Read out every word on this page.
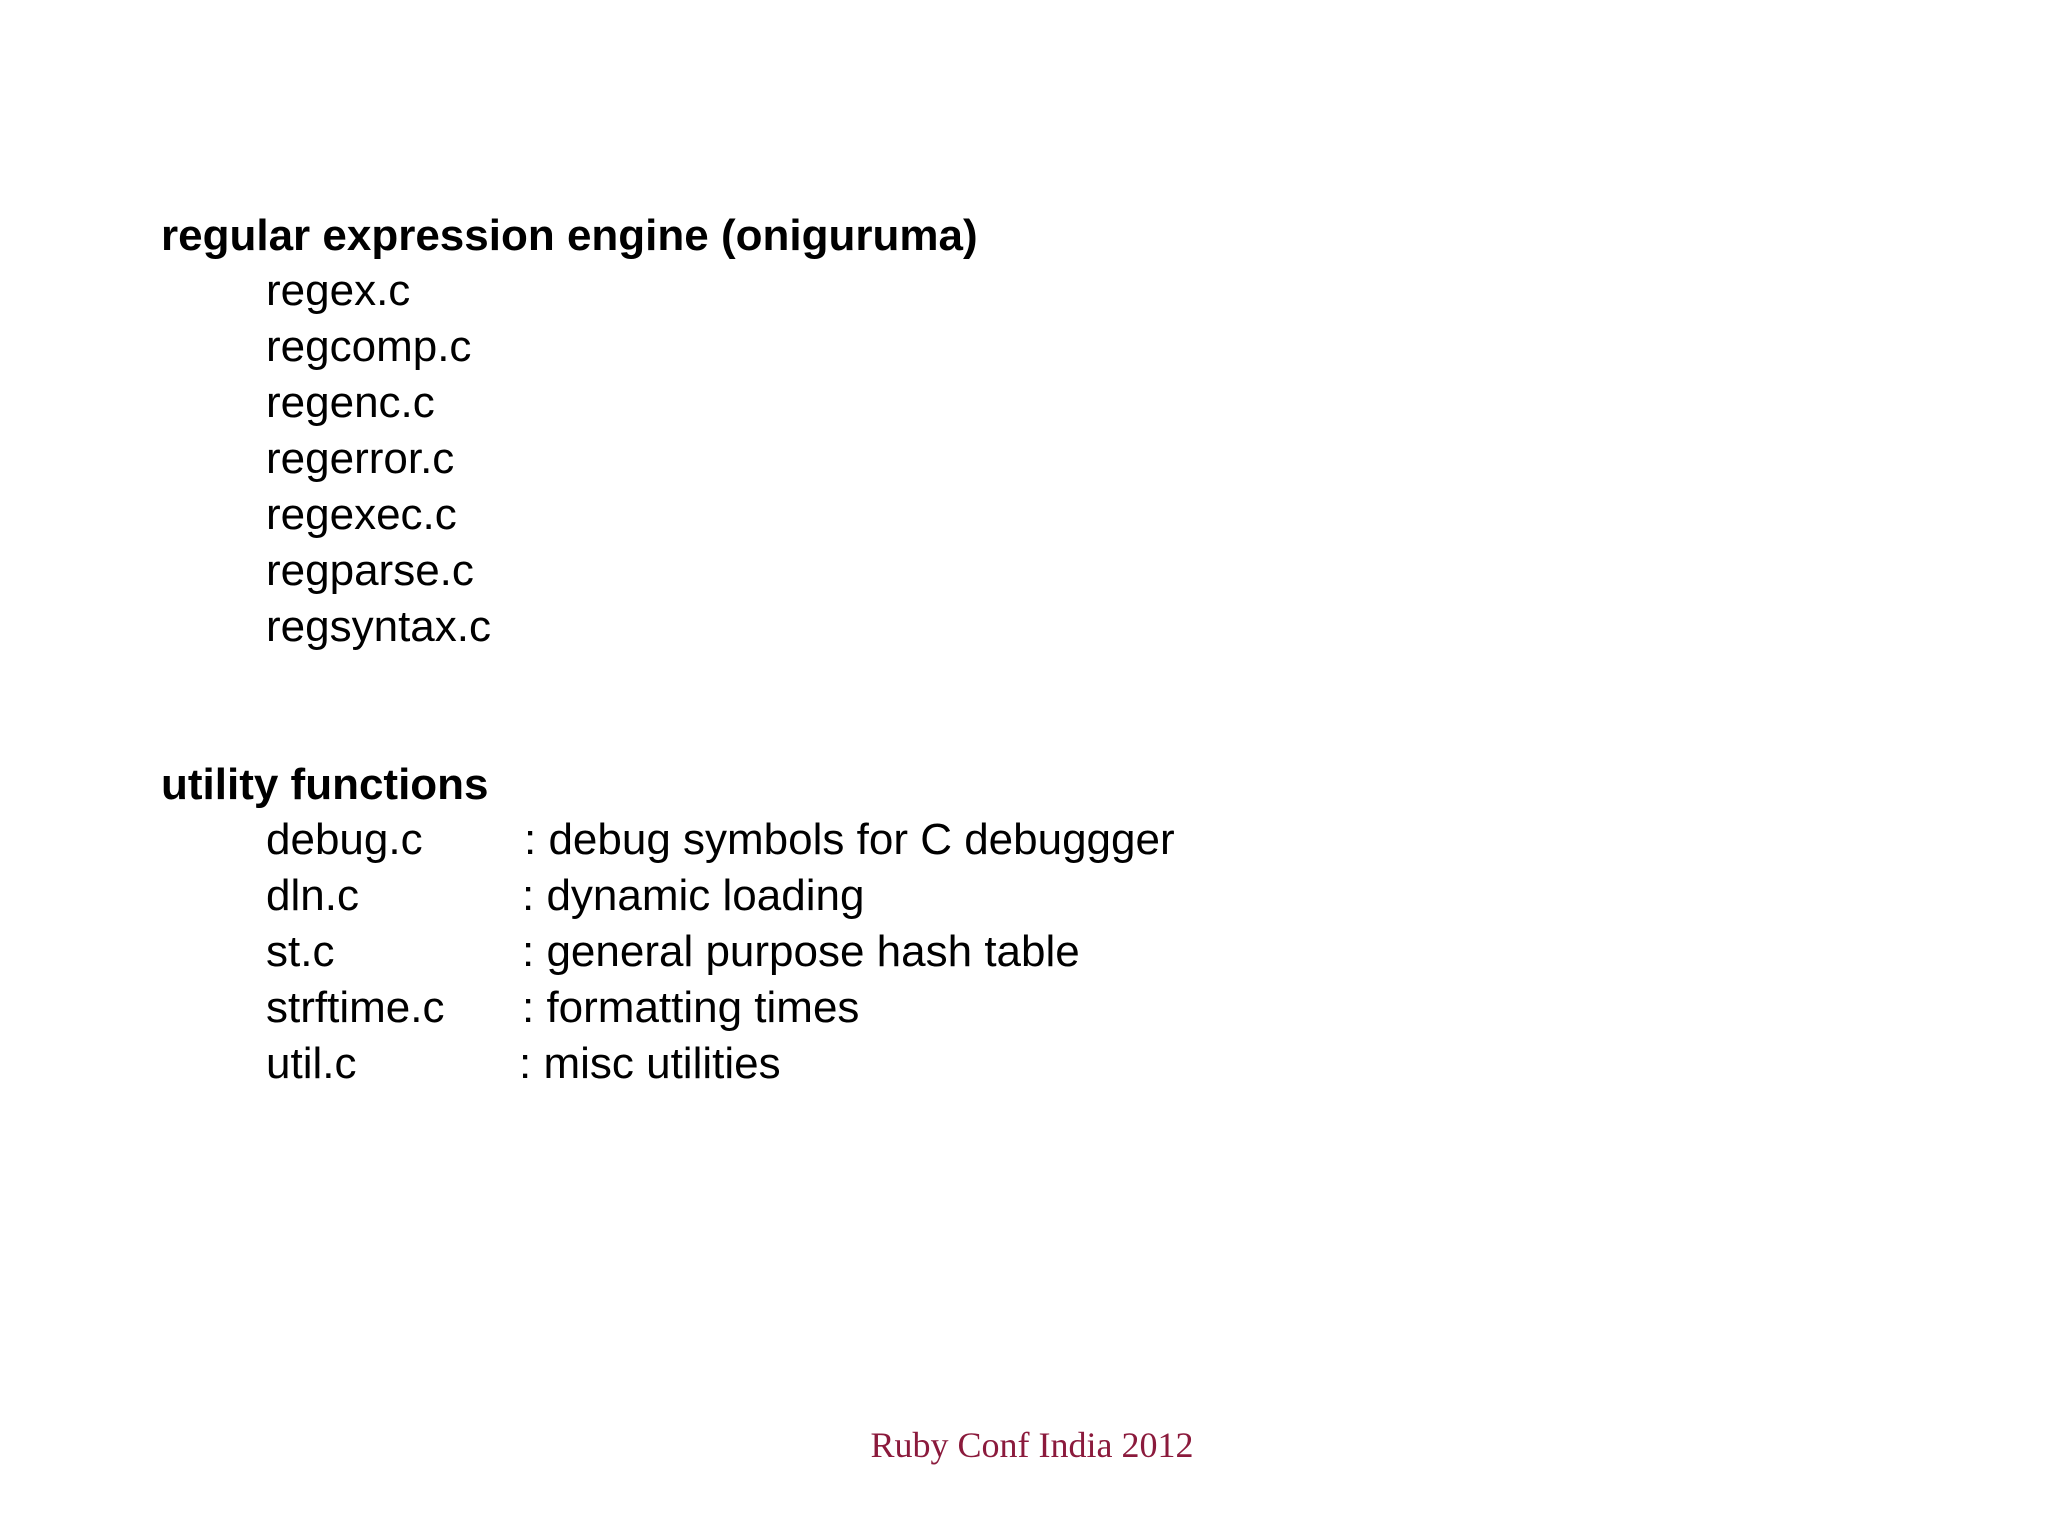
regular expression engine (oniguruma)
regex.c
regcomp.c
regenc.c
regerror.c
regexec.c
regparse.c
regsyntax.c
utility functions
debug.c : debug symbols for C debuggger
dln.c	: dynamic loading
st.c	: general purpose hash table
strftime.c : formatting times
util.c	: misc utilities
Ruby Conf India 2012
